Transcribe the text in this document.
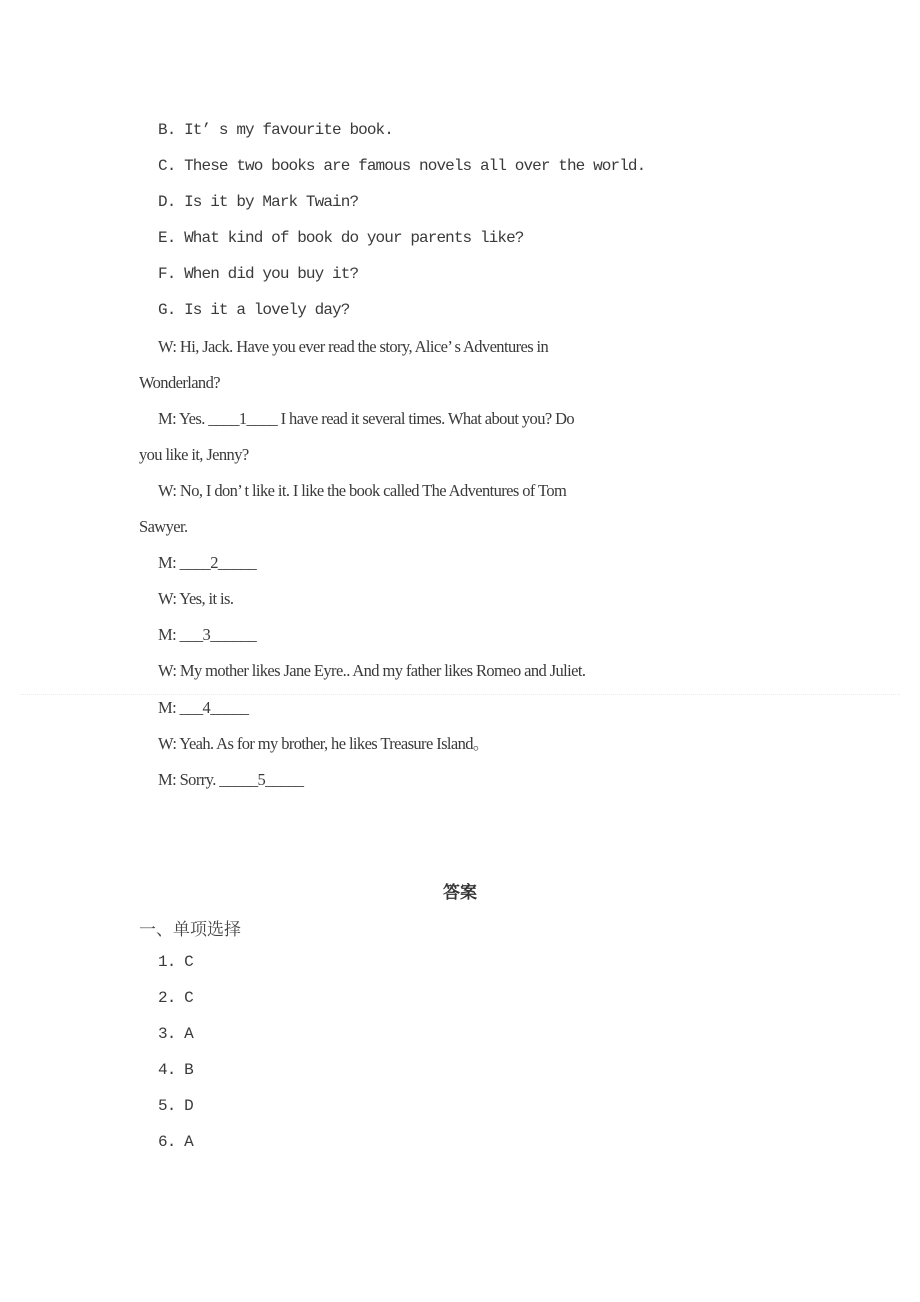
B. It’ s my favourite book.
C. These two books are famous novels all over the world.
D. Is it by Mark Twain?
E. What kind of book do your parents like?
F. When did you buy it?
G. Is it a lovely day?
W: Hi, Jack. Have you ever read the story, Alice’ s Adventures in
Wonderland?
M: Yes. ____1____ I have read it several times. What about you? Do
you like it, Jenny?
W: No, I don’ t like it. I like the book called The Adventures of Tom
Sawyer.
M: ____2_____
W: Yes, it is.
M: ___3______
W: My mother likes Jane Eyre.. And my father likes Romeo and Juliet.
M: ___4_____
W: Yeah. As for my brother, he likes Treasure Island。
M: Sorry. _____5_____
答案
一、单项选择
1. C
2. C
3. A
4. B
5. D
6. A
